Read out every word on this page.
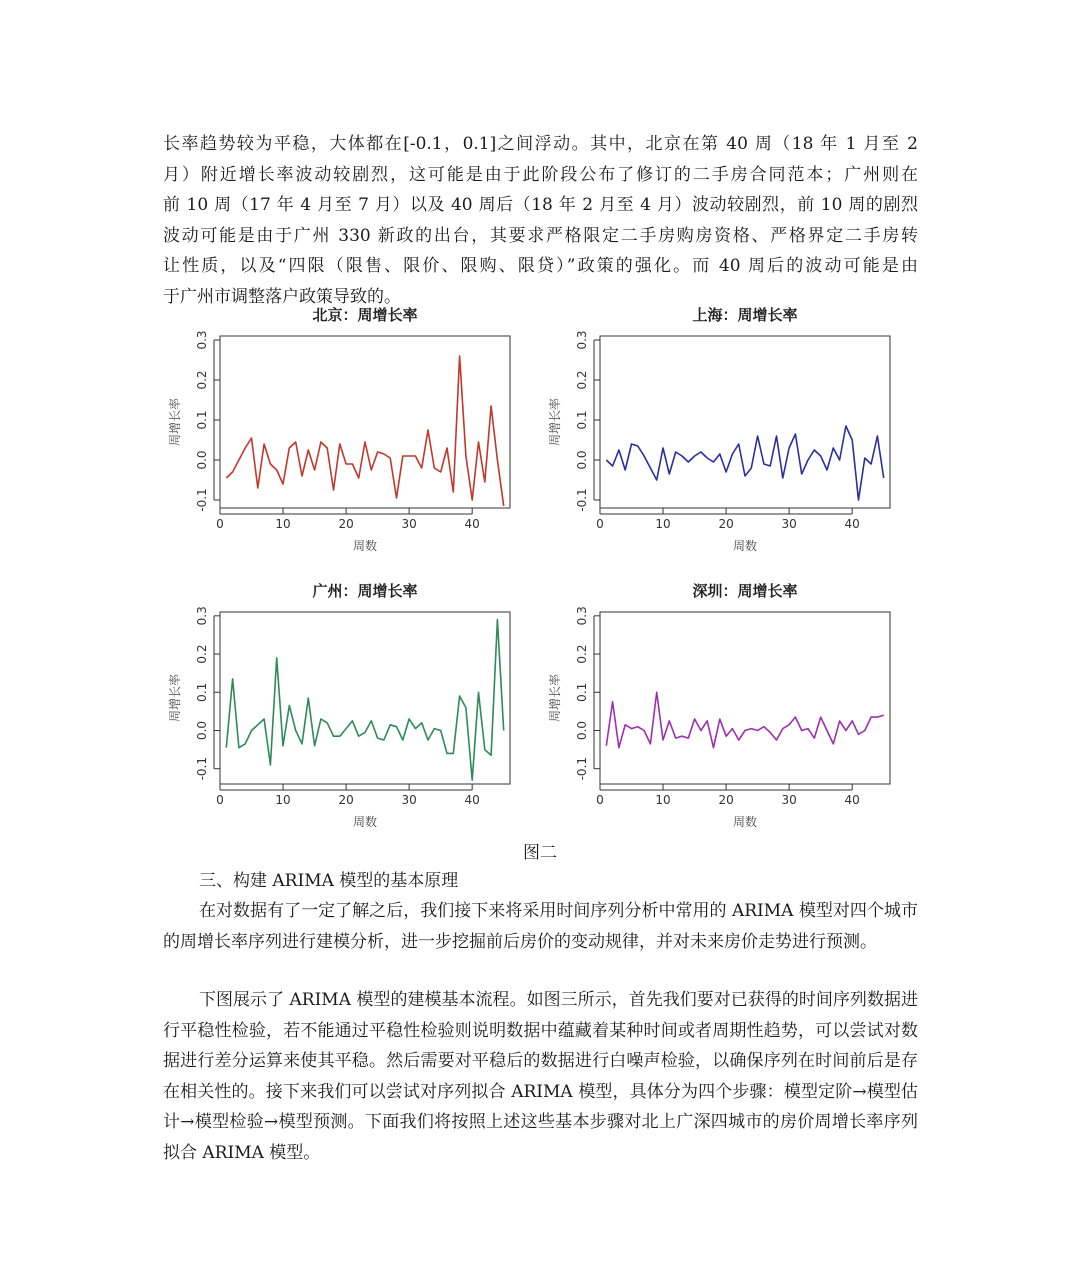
长率趋势较为平稳，大体都在[-0.1，0.1]之间浮动。其中，北京在第 40 周（18 年 1 月至 2
月）附近增长率波动较剧烈，这可能是由于此阶段公布了修订的二手房合同范本；广州则在
前 10 周（17 年 4 月至 7 月）以及 40 周后（18 年 2 月至 4 月）波动较剧烈，前 10 周的剧烈
波动可能是由于广州 330 新政的出台，其要求严格限定二手房购房资格、严格界定二手房转
让性质，以及“四限（限售、限价、限购、限贷）”政策的强化。而 40 周后的波动可能是由
于广州市调整落户政策导致的。
北京：周增长率
0	10	20	30	40
-0.1
0.0
0.1
0.2
0.3
周数
周增长率
上海：周增长率
0	10	20	30	40
-0.1
0.0
0.1
0.2
0.3
周数
周增长率
广州：周增长率
0	10	20	30	40
-0.1
0.0
0.1
0.2
0.3
周数
周增长率
深圳：周增长率
0	10	20	30	40
-0.1
0.0
0.1
0.2
0.3
周数
周增长率
图二

三、构建 ARIMA 模型的基本原理

在对数据有了一定了解之后，我们接下来将采用时间序列分析中常用的 ARIMA 模型对四个城市的周增长率序列进行建模分析，进一步挖掘前后房价的变动规律，并对未来房价走势进行预测。

下图展示了 ARIMA 模型的建模基本流程。如图三所示，首先我们要对已获得的时间序列数据进行平稳性检验，若不能通过平稳性检验则说明数据中蕴藏着某种时间或者周期性趋势，可以尝试对数据进行差分运算来使其平稳。然后需要对平稳后的数据进行白噪声检验，以确保序列在时间前后是存在相关性的。接下来我们可以尝试对序列拟合 ARIMA 模型，具体分为四个步骤：模型定阶→模型估计→模型检验→模型预测。下面我们将按照上述这些基本步骤对北上广深四城市的房价周增长率序列拟合 ARIMA 模型。
